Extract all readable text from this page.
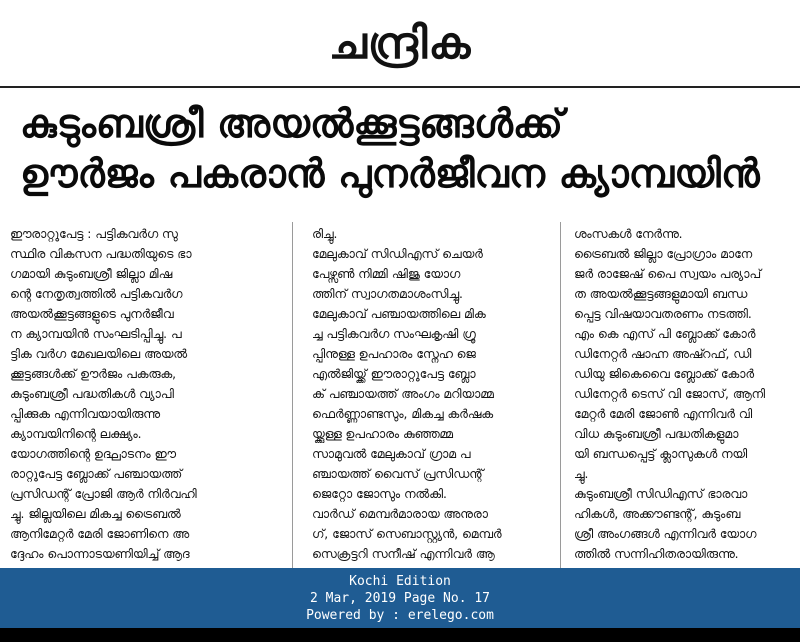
ചന്ദ്രിക
കുടുംബശ്രീ അയൽക്കൂട്ടങ്ങൾക്ക്
ഊർജം പകരാൻ പുനർജീവന ക്യാമ്പയിൻ
ഈരാറ്റുപേട്ട : പട്ടികവർഗ സു
സ്ഥിര വികസന പദ്ധതിയുടെ ഭാ
ഗമായി കുടുംബശ്രീ ജില്ലാ മിഷ
ന്റെ നേതൃത്വത്തിൽ പട്ടികവർഗ
അയൽക്കൂട്ടങ്ങളുടെ പുനർജീവ
ന ക്യാമ്പയിൻ സംഘടിപ്പിച്ചു. പ
ട്ടിക വർഗ മേഖലയിലെ അയൽ
ക്കൂട്ടങ്ങൾക്ക് ഊർജം പകരുക,
കുടുംബശ്രീ പദ്ധതികൾ വ്യാപി
പ്പിക്കുക എന്നിവയായിരുന്നു
ക്യാമ്പയിനിന്റെ ലക്ഷ്യം.
യോഗത്തിന്റെ ഉദ്ഘാടനം ഈ
രാറ്റുപേട്ട ബ്ലോക്ക് പഞ്ചായത്ത്
പ്രസിഡന്റ് പ്രോജി ആർ നിർവഹി
ച്ചു. ജില്ലയിലെ മികച്ച ട്രൈബൽ
ആനിമേറ്റർ മേരി ജോണിനെ അ
ദ്ദേഹം പൊന്നാടയണിയിച്ച് ആദ
രിച്ചു.
മേലുകാവ് സിഡിഎസ് ചെയർ
പേഴ്സൺ നിമ്മി ഷിജു യോഗ
ത്തിന് സ്വാഗതമാശംസിച്ചു.
മേലുകാവ് പഞ്ചായത്തിലെ മിക
ച്ച പട്ടികവർഗ സംഘകൃഷി ഗ്രൂ
പ്പിനുള്ള ഉപഹാരം സ്നേഹ ജെ
എൽജിയ്ക്ക് ഈരാറ്റുപേട്ട ബ്ലോ
ക് പഞ്ചായത്ത് അംഗം മറിയാമ്മ
ഫെർണ്ണാണ്ടസും, മികച്ച കർഷക
യ്ക്കുള്ള ഉപഹാരം കുഞ്ഞമ്മ
സാമുവൽ മേലുകാവ് ഗ്രാമ പ
ഞ്ചായത്ത് വൈസ് പ്രസിഡന്റ്
ജെറ്റോ ജോസും നൽകി.
വാർഡ് മെമ്പർമാരായ അനുരാ
ഗ്, ജോസ് സെബാസ്റ്റ്യൻ, മെമ്പർ
സെക്രട്ടറി സനീഷ് എന്നിവർ ആ
ശംസകൾ നേർന്നു.
ട്രൈബൽ ജില്ലാ പ്രോഗ്രാം മാനേ
ജർ രാജേഷ് പൈ സ്വയം പര്യാപ്
ത അയൽക്കൂട്ടങ്ങളുമായി ബന്ധ
പ്പെട്ട വിഷയാവതരണം നടത്തി.
എം കെ എസ് പി ബ്ലോക്ക് കോർ
ഡിനേറ്റർ ഷാഹ്ന അഷ്റഫ്, ഡി
ഡിയു ജികെവൈ ബ്ലോക്ക് കോർ
ഡിനേറ്റർ ടെസ് വി ജോസ്, ആനി
മേറ്റർ മേരി ജോൺ എന്നിവർ വി
വിധ കുടുംബശ്രീ പദ്ധതികളുമാ
യി ബന്ധപ്പെട്ട് ക്ലാസുകൾ നയി
ച്ചു.
കുടുംബശ്രീ സിഡിഎസ് ഭാരവാ
ഹികൾ, അക്കൗണ്ടന്റ്, കുടുംബ
ശ്രീ അംഗങ്ങൾ എന്നിവർ യോഗ
ത്തിൽ സന്നിഹിതരായിരുന്നു.
Kochi Edition
2 Mar, 2019 Page No. 17
Powered by : erelego.com
